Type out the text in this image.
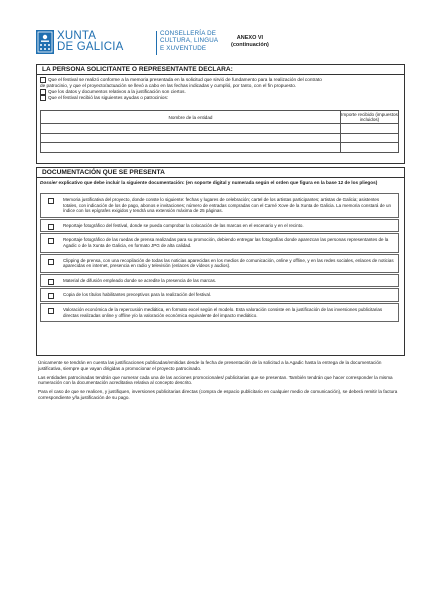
XUNTA
DE GALICIA
CONSELLERÍA DE
CULTURA, LINGUA
E XUVENTUDE
ANEXO VI
(continuación)
LA PERSONA SOLICITANTE O REPRESENTANTE DECLARA:
Que el festival se realizó conforme a la memoria presentada en la solicitud que sirvió de fundamento para la realización del contrato
de patrocinio, y que el proyecto/actuación se llevó a cabo en las fechas indicadas y cumplió, por tanto, con el fin propuesto.
Que los datos y documentos relativos a la justificación son ciertos.
Que el festival recibió las siguientes ayudas o patrocinios:
Nombre de la entidad	Importe recibido (impuestos incluidos)

DOCUMENTACIÓN QUE SE PRESENTA
Dossier explicativo que debe incluir la siguiente documentación: (en soporte digital y numerada según el orden que figura en la base 12 de los pliegos)
Memoria justificativa del proyecto, donde conste lo siguiente: fechas y lugares de celebración; cartel de los artistas participantes; artistas de Galicia; asistentes totales, con indicación de los de pago, abonos e invitaciones; número de entradas compradas con el Carné Xove de la Xunta de Galicia. La memoria constará de un índice con los epígrafes exigidos y tendrá una extensión máxima de 25 páginas.
Reportaje fotográfico del festival, donde se pueda comprobar la colocación de las marcas en el escenario y en el recinto.
Reportaje fotográfico de las ruedas de prensa realizadas para su promoción, debiendo entregar las fotografías donde aparezcan las personas representantes de la Agadic o de la Xunta de Galicia, en formato JPG de alta calidad.
Clipping de prensa, con una recopilación de todas las noticias aparecidas en los medios de comunicación, online y offline, y en las redes sociales, enlaces de noticias aparecidas en internet, presencia en radio y televisión (enlaces de vídeos y audios).
Material de difusión empleado donde se acredite la presencia de las marcas.
Copia de los títulos habilitantes preceptivos para la realización del festival.
Valoración económica de la repercusión mediática, en formato excel según el modelo. Esta valoración consiste en la justificación de las inversiones publicitarias directas realizadas online y offline y/o la valoración económica equivalente del impacto mediático.

Únicamente se tendrán en cuenta las justificaciones publicadas/emitidas desde la fecha de presentación de la solicitud a la Agadic hasta la entrega de la documentación justificativa, siempre que vayan dirigidas a promocionar el proyecto patrocinado.

Las entidades patrocinadas tendrán que numerar cada una de las acciones promocionales/ publicitarias que se presentan. También tendrán que hacer corresponder la misma numeración con la documentación acreditativa relativa al concepto descrito.

Para el caso de que se realicen, y justifiquen, inversiones publicitarias directas (compra de espacio publicitario en cualquier medio de comunicación), se deberá remitir la factura correspondiente y/la justificación de su pago.
